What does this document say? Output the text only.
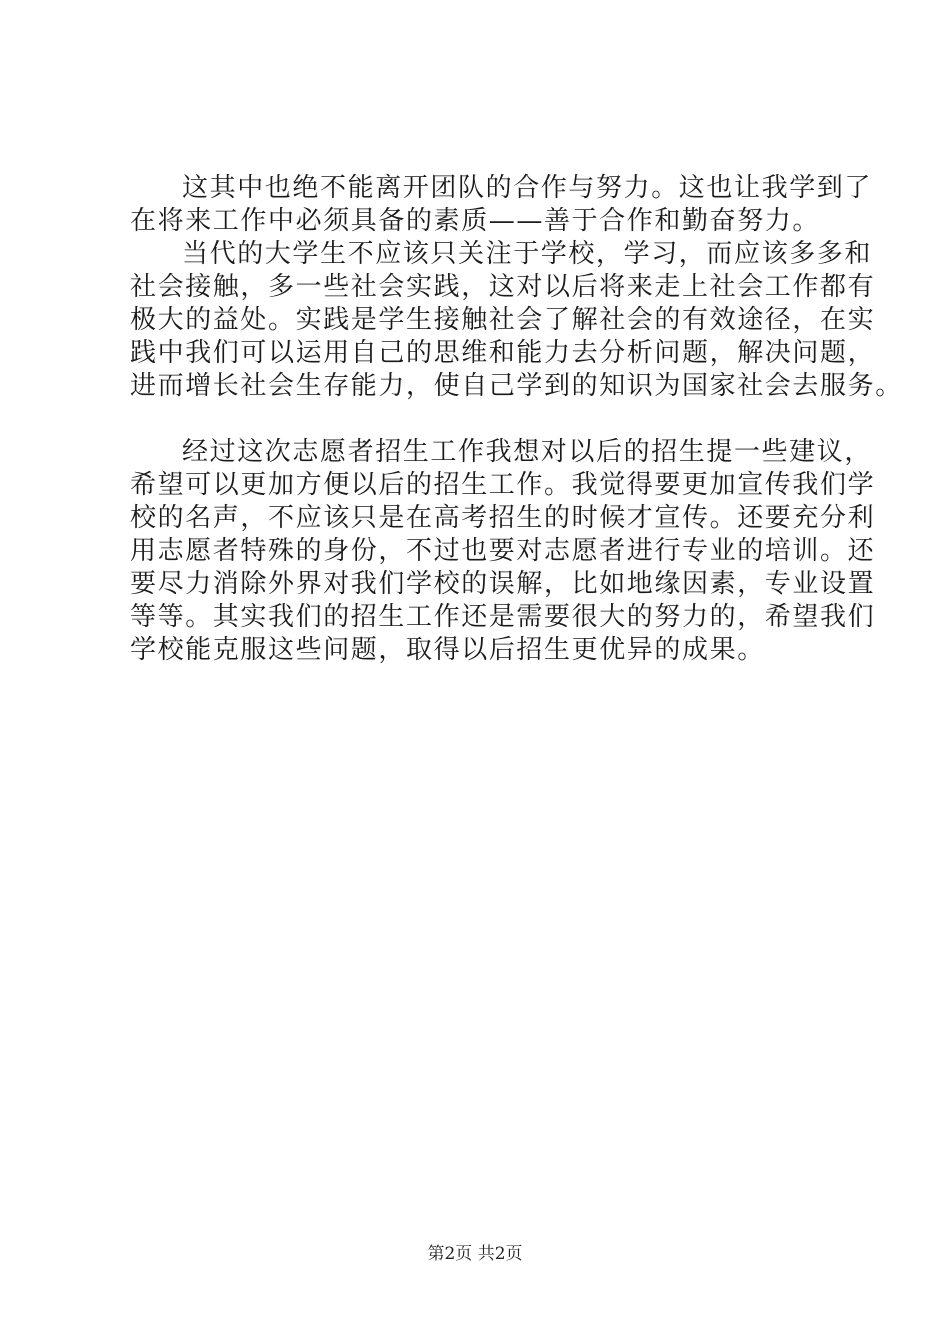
这其中也绝不能离开团队的合作与努力。这也让我学到了
在将来工作中必须具备的素质——善于合作和勤奋努力。
当代的大学生不应该只关注于学校，学习，而应该多多和
社会接触，多一些社会实践，这对以后将来走上社会工作都有
极大的益处。实践是学生接触社会了解社会的有效途径，在实
践中我们可以运用自己的思维和能力去分析问题，解决问题，
进而增长社会生存能力，使自己学到的知识为国家社会去服务。
经过这次志愿者招生工作我想对以后的招生提一些建议，
希望可以更加方便以后的招生工作。我觉得要更加宣传我们学
校的名声，不应该只是在高考招生的时候才宣传。还要充分利
用志愿者特殊的身份，不过也要对志愿者进行专业的培训。还
要尽力消除外界对我们学校的误解，比如地缘因素，专业设置
等等。其实我们的招生工作还是需要很大的努力的，希望我们
学校能克服这些问题，取得以后招生更优异的成果。
第2页 共2页
